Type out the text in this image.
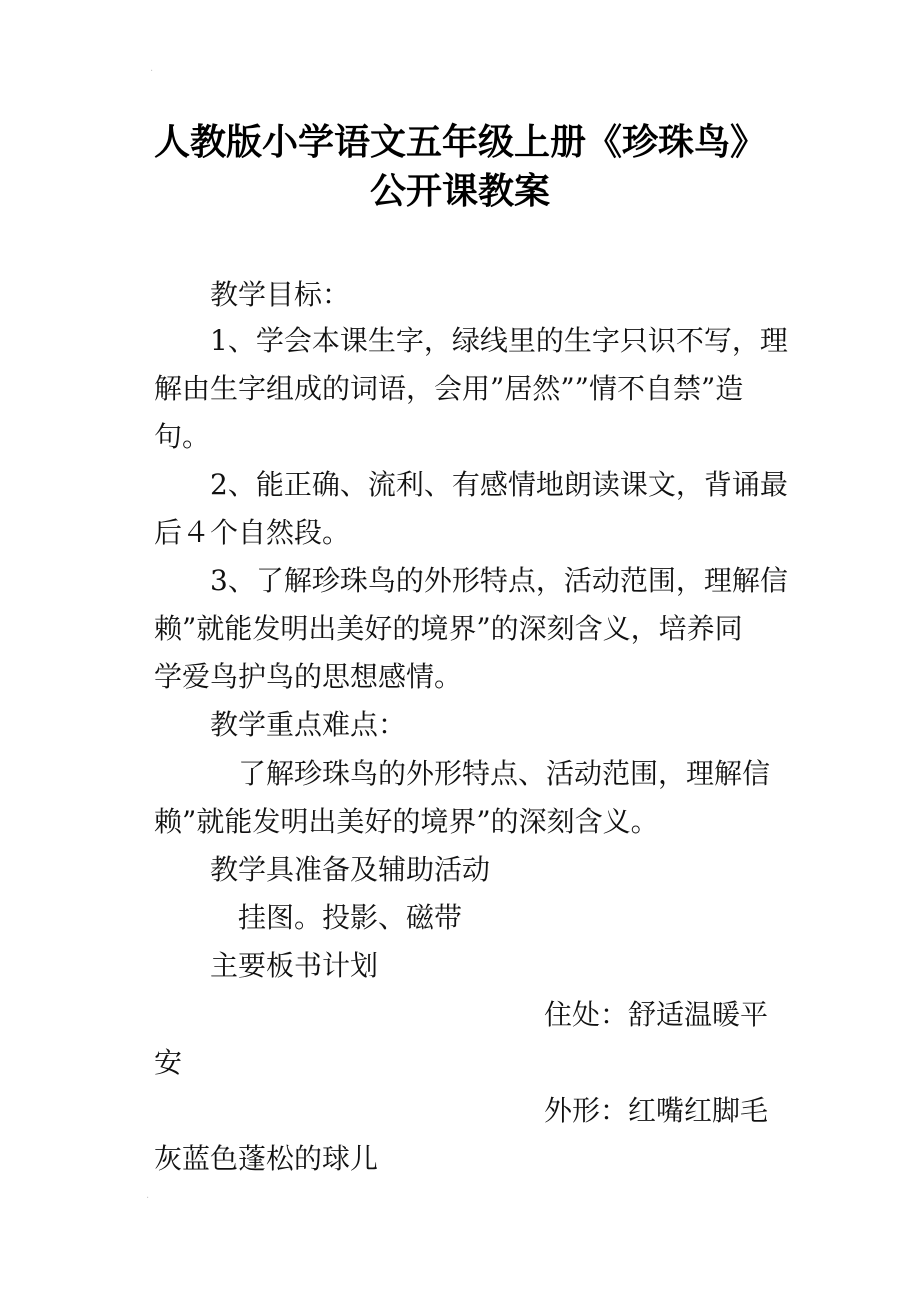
·
人教版小学语文五年级上册《珍珠鸟》
公开课教案
教学目标：
1、学会本课生字，绿线里的生字只识不写，理
解由生字组成的词语，会用”居然””情不自禁”造
句。
2、能正确、流利、有感情地朗读课文，背诵最
后４个自然段。
3、了解珍珠鸟的外形特点，活动范围，理解信
赖”就能发明出美好的境界”的深刻含义，培养同
学爱鸟护鸟的思想感情。
教学重点难点：
了解珍珠鸟的外形特点、活动范围，理解信
赖”就能发明出美好的境界”的深刻含义。
教学具准备及辅助活动
挂图。投影、磁带
主要板书计划
住处：舒适温暖平
安
外形：红嘴红脚毛
灰蓝色蓬松的球儿
·
